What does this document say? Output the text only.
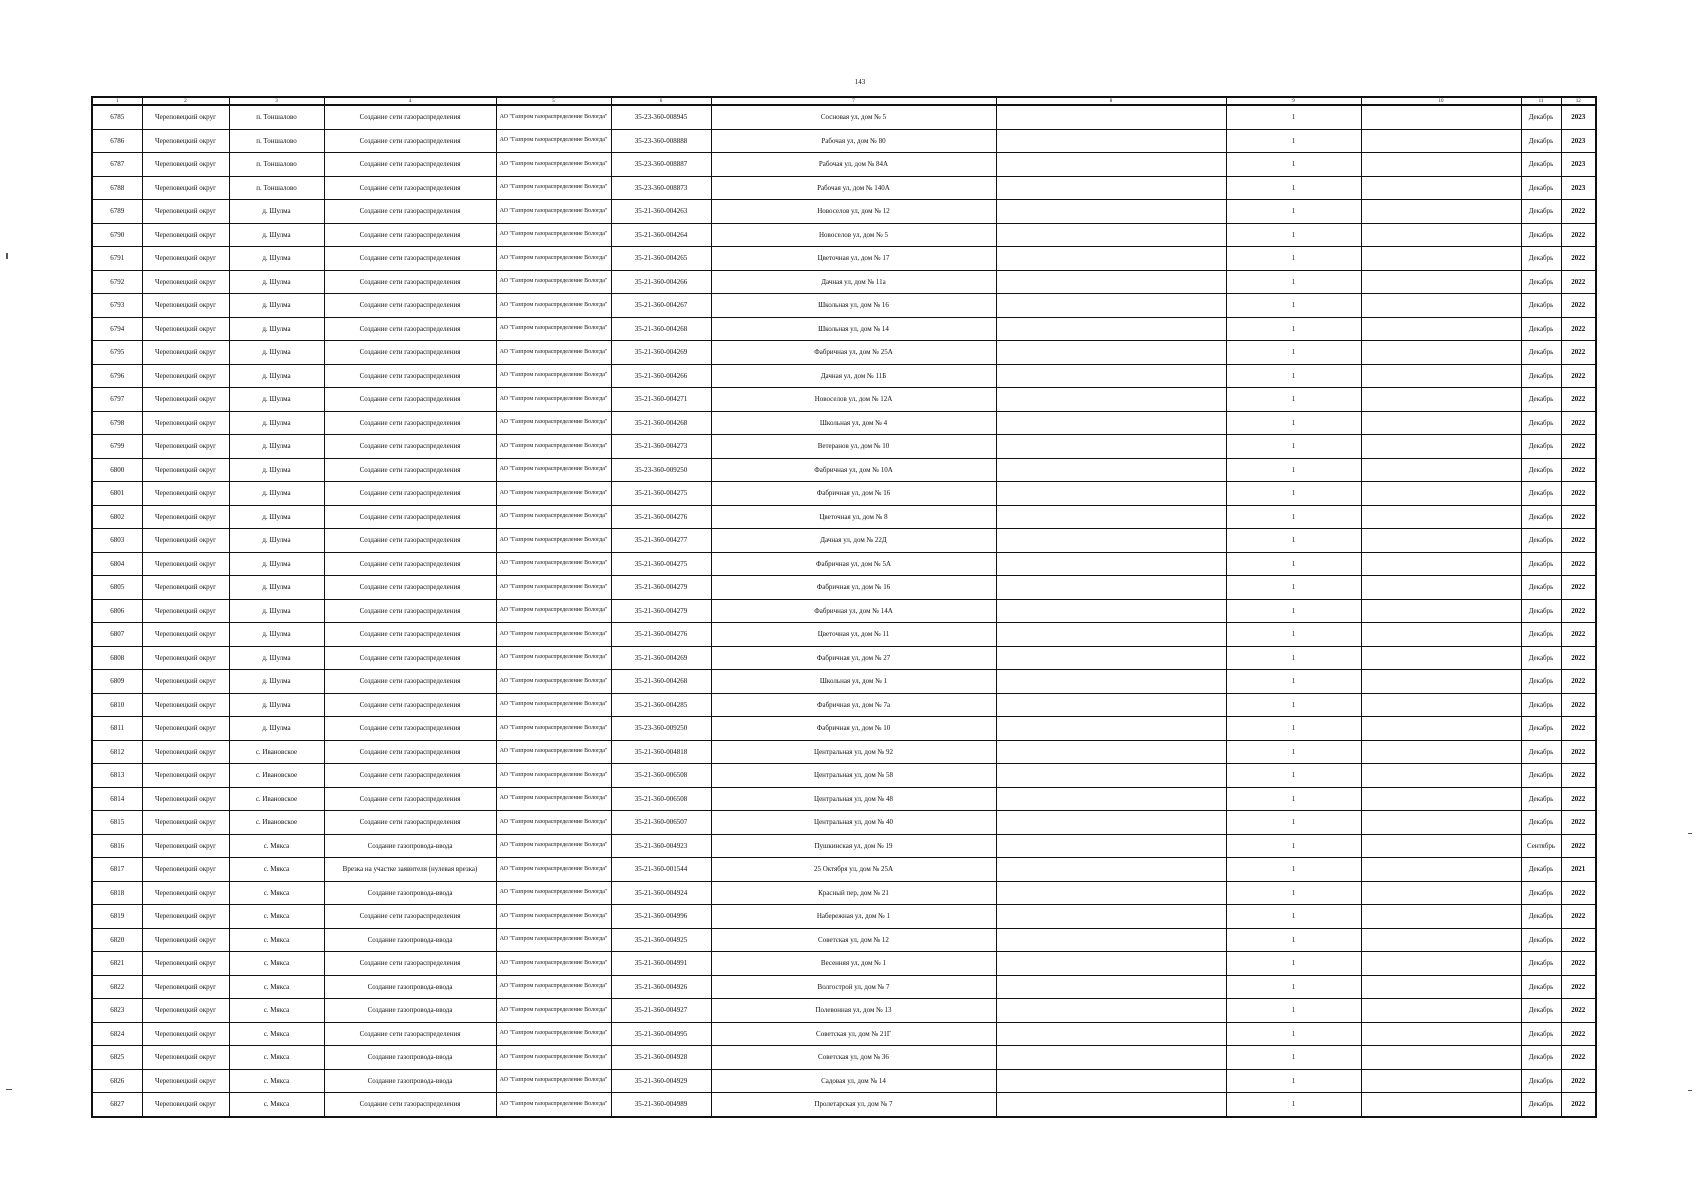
143
1	2	3	4	5	6	7	8	9	10	11	12
6785	Череповецкий округ	п. Тоншалово	Создание сети газораспределения	АО "Газпром газораспределение Вологда"	35-23-360-008945	Сосновая ул, дом № 5		1		Декабрь	2023
6786	Череповецкий округ	п. Тоншалово	Создание сети газораспределения	АО "Газпром газораспределение Вологда"	35-23-360-008888	Рабочая ул, дом № 80		1		Декабрь	2023
6787	Череповецкий округ	п. Тоншалово	Создание сети газораспределения	АО "Газпром газораспределение Вологда"	35-23-360-008887	Рабочая ул, дом № 84А		1		Декабрь	2023
6788	Череповецкий округ	п. Тоншалово	Создание сети газораспределения	АО "Газпром газораспределение Вологда"	35-23-360-008873	Рабочая ул, дом № 140А		1		Декабрь	2023
6789	Череповецкий округ	д. Шулма	Создание сети газораспределения	АО "Газпром газораспределение Вологда"	35-21-360-004263	Новоселов ул, дом № 12		1		Декабрь	2022
6790	Череповецкий округ	д. Шулма	Создание сети газораспределения	АО "Газпром газораспределение Вологда"	35-21-360-004264	Новоселов ул, дом № 5		1		Декабрь	2022
6791	Череповецкий округ	д. Шулма	Создание сети газораспределения	АО "Газпром газораспределение Вологда"	35-21-360-004265	Цветочная ул, дом № 17		1		Декабрь	2022
6792	Череповецкий округ	д. Шулма	Создание сети газораспределения	АО "Газпром газораспределение Вологда"	35-21-360-004266	Дачная ул, дом № 11а		1		Декабрь	2022
6793	Череповецкий округ	д. Шулма	Создание сети газораспределения	АО "Газпром газораспределение Вологда"	35-21-360-004267	Школьная ул, дом № 16		1		Декабрь	2022
6794	Череповецкий округ	д. Шулма	Создание сети газораспределения	АО "Газпром газораспределение Вологда"	35-21-360-004268	Школьная ул, дом № 14		1		Декабрь	2022
6795	Череповецкий округ	д. Шулма	Создание сети газораспределения	АО "Газпром газораспределение Вологда"	35-21-360-004269	Фабричная ул, дом № 25А		1		Декабрь	2022
6796	Череповецкий округ	д. Шулма	Создание сети газораспределения	АО "Газпром газораспределение Вологда"	35-21-360-004266	Дачная ул, дом № 11Б		1		Декабрь	2022
6797	Череповецкий округ	д. Шулма	Создание сети газораспределения	АО "Газпром газораспределение Вологда"	35-21-360-004271	Новоселов ул, дом № 12А		1		Декабрь	2022
6798	Череповецкий округ	д. Шулма	Создание сети газораспределения	АО "Газпром газораспределение Вологда"	35-21-360-004268	Школьная ул, дом № 4		1		Декабрь	2022
6799	Череповецкий округ	д. Шулма	Создание сети газораспределения	АО "Газпром газораспределение Вологда"	35-21-360-004273	Ветеранов ул, дом № 10		1		Декабрь	2022
6800	Череповецкий округ	д. Шулма	Создание сети газораспределения	АО "Газпром газораспределение Вологда"	35-23-360-009250	Фабричная ул, дом № 10А		1		Декабрь	2022
6801	Череповецкий округ	д. Шулма	Создание сети газораспределения	АО "Газпром газораспределение Вологда"	35-21-360-004275	Фабричная ул, дом № 16		1		Декабрь	2022
6802	Череповецкий округ	д. Шулма	Создание сети газораспределения	АО "Газпром газораспределение Вологда"	35-21-360-004276	Цветочная ул, дом № 8		1		Декабрь	2022
6803	Череповецкий округ	д. Шулма	Создание сети газораспределения	АО "Газпром газораспределение Вологда"	35-21-360-004277	Дачная ул, дом № 22Д		1		Декабрь	2022
6804	Череповецкий округ	д. Шулма	Создание сети газораспределения	АО "Газпром газораспределение Вологда"	35-21-360-004275	Фабричная ул, дом № 5А		1		Декабрь	2022
6805	Череповецкий округ	д. Шулма	Создание сети газораспределения	АО "Газпром газораспределение Вологда"	35-21-360-004279	Фабричная ул, дом № 16		1		Декабрь	2022
6806	Череповецкий округ	д. Шулма	Создание сети газораспределения	АО "Газпром газораспределение Вологда"	35-21-360-004279	Фабричная ул, дом № 14А		1		Декабрь	2022
6807	Череповецкий округ	д. Шулма	Создание сети газораспределения	АО "Газпром газораспределение Вологда"	35-21-360-004276	Цветочная ул, дом № 11		1		Декабрь	2022
6808	Череповецкий округ	д. Шулма	Создание сети газораспределения	АО "Газпром газораспределение Вологда"	35-21-360-004269	Фабричная ул, дом № 27		1		Декабрь	2022
6809	Череповецкий округ	д. Шулма	Создание сети газораспределения	АО "Газпром газораспределение Вологда"	35-21-360-004268	Школьная ул, дом № 1		1		Декабрь	2022
6810	Череповецкий округ	д. Шулма	Создание сети газораспределения	АО "Газпром газораспределение Вологда"	35-21-360-004285	Фабричная ул, дом № 7а		1		Декабрь	2022
6811	Череповецкий округ	д. Шулма	Создание сети газораспределения	АО "Газпром газораспределение Вологда"	35-23-360-009250	Фабричная ул, дом № 10		1		Декабрь	2022
6812	Череповецкий округ	с. Ивановское	Создание сети газораспределения	АО "Газпром газораспределение Вологда"	35-21-360-004818	Центральная ул, дом № 92		1		Декабрь	2022
6813	Череповецкий округ	с. Ивановское	Создание сети газораспределения	АО "Газпром газораспределение Вологда"	35-21-360-006508	Центральная ул, дом № 58		1		Декабрь	2022
6814	Череповецкий округ	с. Ивановское	Создание сети газораспределения	АО "Газпром газораспределение Вологда"	35-21-360-006508	Центральная ул, дом № 48		1		Декабрь	2022
6815	Череповецкий округ	с. Ивановское	Создание сети газораспределения	АО "Газпром газораспределение Вологда"	35-21-360-006507	Центральная ул, дом № 40		1		Декабрь	2022
6816	Череповецкий округ	с. Мякса	Создание газопровода-ввода	АО "Газпром газораспределение Вологда"	35-21-360-004923	Пушкинская ул, дом № 19		1		Сентябрь	2022
6817	Череповецкий округ	с. Мякса	Врезка на участке заявителя (нулевая врезка)	АО "Газпром газораспределение Вологда"	35-21-360-001544	25 Октября ул, дом № 25А		1		Декабрь	2021
6818	Череповецкий округ	с. Мякса	Создание газопровода-ввода	АО "Газпром газораспределение Вологда"	35-21-360-004924	Красный пер, дом № 21		1		Декабрь	2022
6819	Череповецкий округ	с. Мякса	Создание сети газораспределения	АО "Газпром газораспределение Вологда"	35-21-360-004996	Набережная ул, дом № 1		1		Декабрь	2022
6820	Череповецкий округ	с. Мякса	Создание газопровода-ввода	АО "Газпром газораспределение Вологда"	35-21-360-004925	Советская ул, дом № 12		1		Декабрь	2022
6821	Череповецкий округ	с. Мякса	Создание сети газораспределения	АО "Газпром газораспределение Вологда"	35-21-360-004991	Весенняя ул, дом № 1		1		Декабрь	2022
6822	Череповецкий округ	с. Мякса	Создание газопровода-ввода	АО "Газпром газораспределение Вологда"	35-21-360-004926	Волгострой ул, дом № 7		1		Декабрь	2022
6823	Череповецкий округ	с. Мякса	Создание газопровода-ввода	АО "Газпром газораспределение Вологда"	35-21-360-004927	Полевонная ул, дом № 13		1		Декабрь	2022
6824	Череповецкий округ	с. Мякса	Создание сети газораспределения	АО "Газпром газораспределение Вологда"	35-21-360-004995	Советская ул, дом № 21Г		1		Декабрь	2022
6825	Череповецкий округ	с. Мякса	Создание газопровода-ввода	АО "Газпром газораспределение Вологда"	35-21-360-004928	Советская ул, дом № 36		1		Декабрь	2022
6826	Череповецкий округ	с. Мякса	Создание газопровода-ввода	АО "Газпром газораспределение Вологда"	35-21-360-004929	Садовая ул, дом № 14		1		Декабрь	2022
6827	Череповецкий округ	с. Мякса	Создание сети газораспределения	АО "Газпром газораспределение Вологда"	35-21-360-004989	Пролетарская ул, дом № 7		1		Декабрь	2022
